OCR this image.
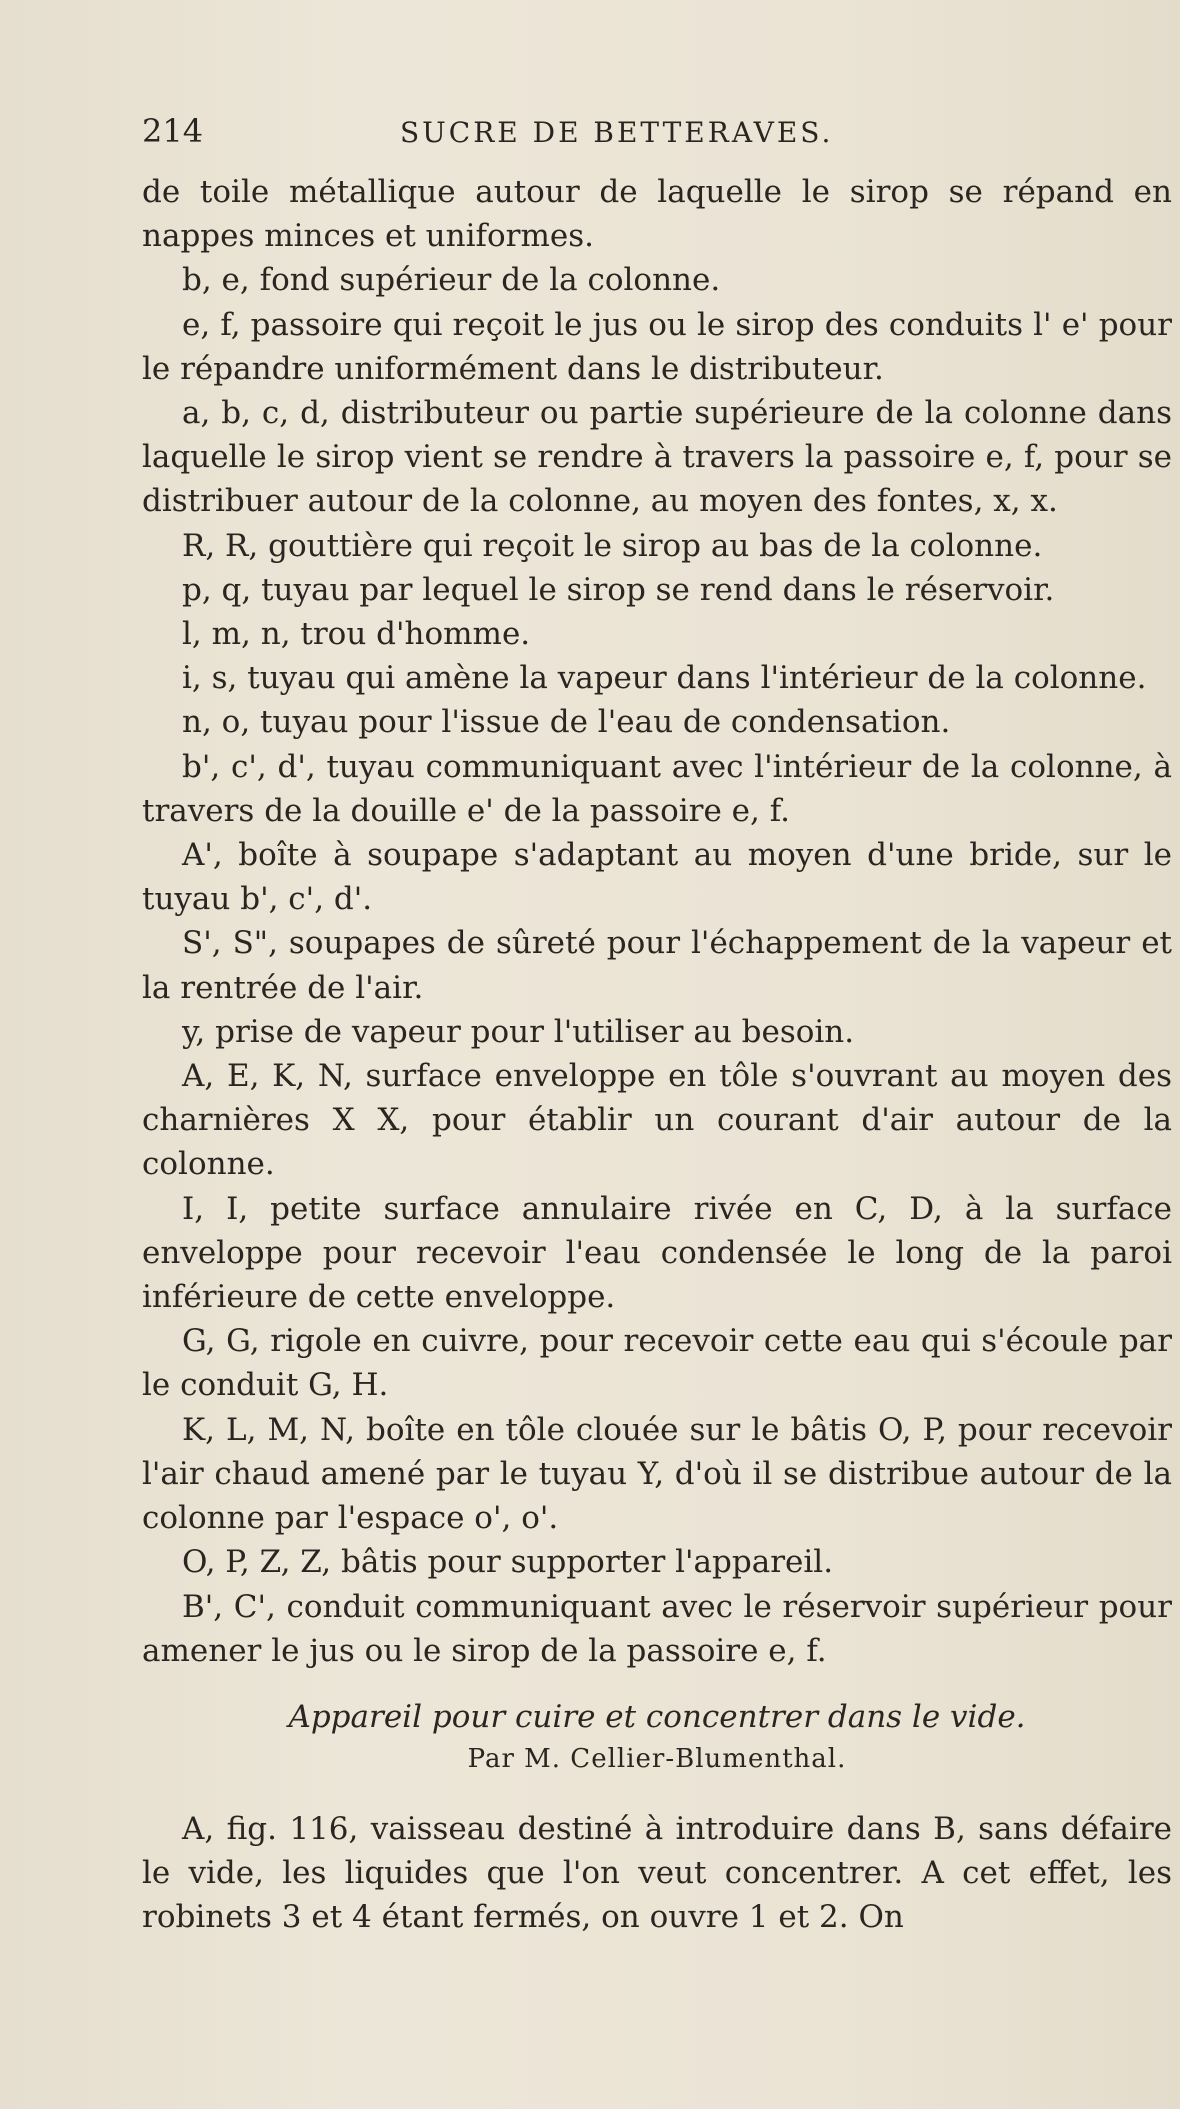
214	SUCRE DE BETTERAVES.

de toile métallique autour de laquelle le sirop se répand en nappes minces et uniformes.

b, e, fond supérieur de la colonne.

e, f, passoire qui reçoit le jus ou le sirop des conduits l' e' pour le répandre uniformément dans le distributeur.

a, b, c, d, distributeur ou partie supérieure de la colonne dans laquelle le sirop vient se rendre à travers la passoire e, f, pour se distribuer autour de la colonne, au moyen des fontes, x, x.

R, R, gouttière qui reçoit le sirop au bas de la colonne.

p, q, tuyau par lequel le sirop se rend dans le réservoir.

l, m, n, trou d'homme.

i, s, tuyau qui amène la vapeur dans l'intérieur de la colonne.

n, o, tuyau pour l'issue de l'eau de condensation.

b', c', d', tuyau communiquant avec l'intérieur de la colonne, à travers de la douille e' de la passoire e, f.

A', boîte à soupape s'adaptant au moyen d'une bride, sur le tuyau b', c', d'.

S', S", soupapes de sûreté pour l'échappement de la vapeur et la rentrée de l'air.

y, prise de vapeur pour l'utiliser au besoin.

A, E, K, N, surface enveloppe en tôle s'ouvrant au moyen des charnières X X, pour établir un courant d'air autour de la colonne.

I, I, petite surface annulaire rivée en C, D, à la surface enveloppe pour recevoir l'eau condensée le long de la paroi inférieure de cette enveloppe.

G, G, rigole en cuivre, pour recevoir cette eau qui s'écoule par le conduit G, H.

K, L, M, N, boîte en tôle clouée sur le bâtis O, P, pour recevoir l'air chaud amené par le tuyau Y, d'où il se distribue autour de la colonne par l'espace o', o'.

O, P, Z, Z, bâtis pour supporter l'appareil.

B', C', conduit communiquant avec le réservoir supérieur pour amener le jus ou le sirop de la passoire e, f.

Appareil pour cuire et concentrer dans le vide.
Par M. Cellier-Blumenthal.

A, fig. 116, vaisseau destiné à introduire dans B, sans défaire le vide, les liquides que l'on veut concentrer. A cet effet, les robinets 3 et 4 étant fermés, on ouvre 1 et 2. On
